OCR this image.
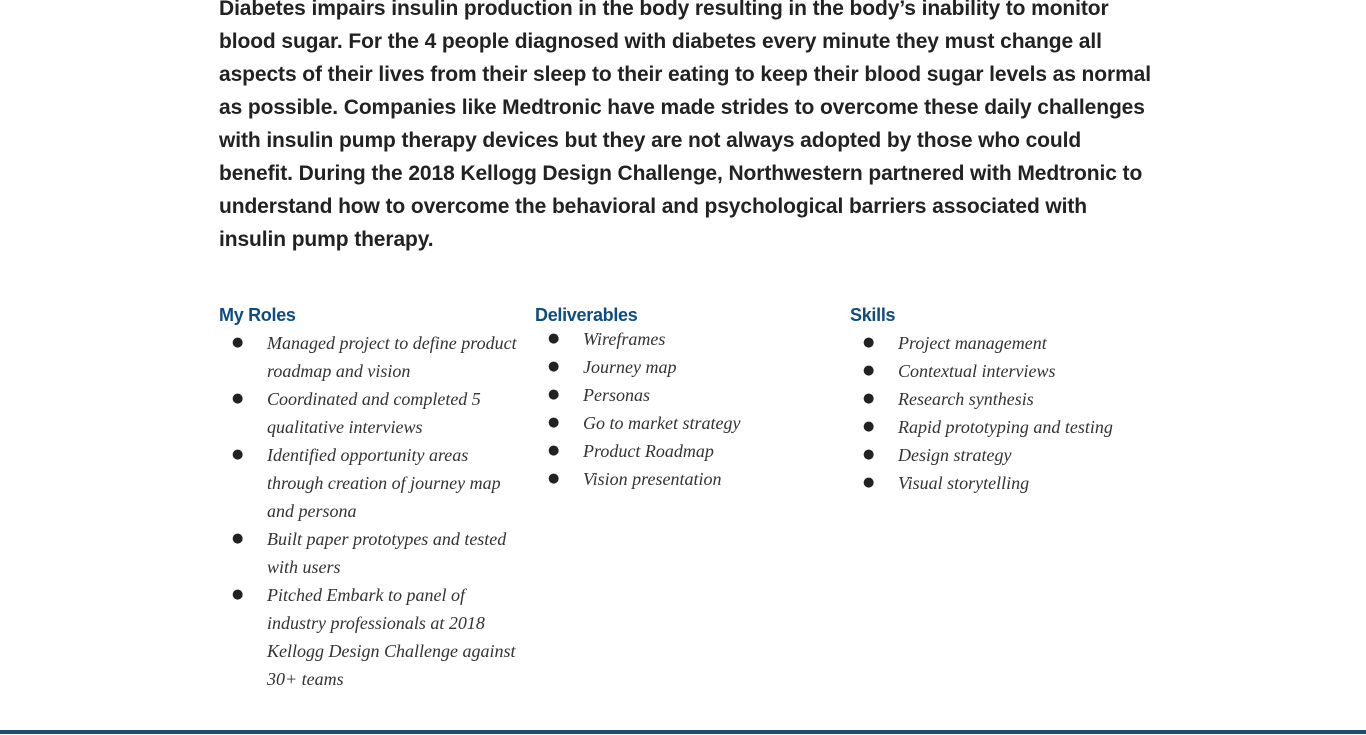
Diabetes impairs insulin production in the body resulting in the body’s inability to monitor blood sugar. For the 4 people diagnosed with diabetes every minute they must change all aspects of their lives from their sleep to their eating to keep their blood sugar levels as normal as possible. Companies like Medtronic have made strides to overcome these daily challenges with insulin pump therapy devices but they are not always adopted by those who could benefit. During the 2018 Kellogg Design Challenge, Northwestern partnered with Medtronic to understand how to overcome the behavioral and psychological barriers associated with insulin pump therapy.

My Roles
● Managed project to define product roadmap and vision
● Coordinated and completed 5 qualitative interviews
● Identified opportunity areas through creation of journey map and persona
● Built paper prototypes and tested with users
● Pitched Embark to panel of industry professionals at 2018 Kellogg Design Challenge against 30+ teams
Deliverables
● Wireframes
● Journey map
● Personas
● Go to market strategy
● Product Roadmap
● Vision presentation
Skills
● Project management
● Contextual interviews
● Research synthesis
● Rapid prototyping and testing
● Design strategy
● Visual storytelling
